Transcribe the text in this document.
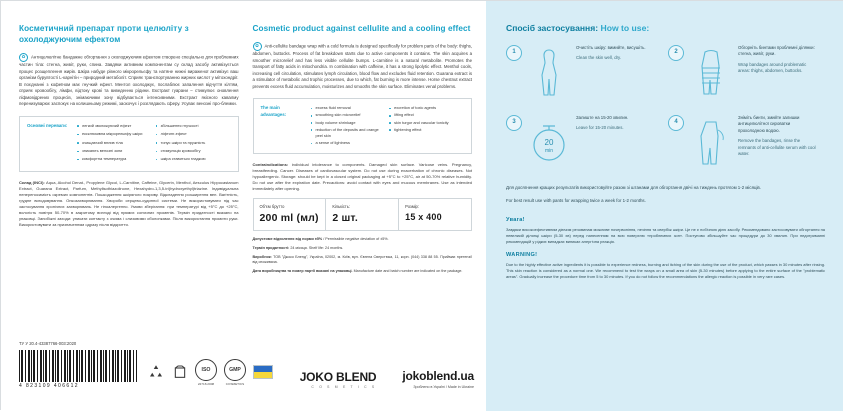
Косметичний препарат проти целюліту з охолоджуючим ефектом
✿ Антицелюлітне бандажне обгортання з охолоджуючим ефектом створено спеціально для проблемних частин тіла: стегна, живіт, руки, спина. Завдяки активним компонентам су склад засобу активізується процес розщеплення жирів. Шкіра набуде рівного мікрорельєфу та натяне нижні вираженої активізує ваш організм бурувтості L-карнітін – природний метаболіт. Сприяє транспортуванню жирних кислот у мітохондрії. В поєднанні з кофеїном має гнучкий ефект. Ментол охолоджує, послаблює запалення відчуття кілтям, сприяє кровообігу, лімфи, відтоку крові та виведенню рідини. Екстракт гуарани – стимулює оновлення ліфмовідрених процесів, знімаючими зону відбувається інтенсивними. Екстракт якісного кавалму перенизуварює заспокує на колишньому режимі, заохочує і розглядають сферу. Усуває венозні про-блемки.
Основні переваги:	легкий зволожуючий ефект	збільшення гнучкості
ексклюзивна мікрорельєфу шкіри	ліфтинг-ефект
очищаючий вплив тіла	тонус шкіри та пружність
зникають венозні зони	стимуляція кровообігу
комфортна температура	шкіра ставиться гладкою
Склад (INCI): Aqua, Alcohol Denat., Propylene Glycol, L-Carnitine, Caffeine, Glycerin, Menthol, Aesculus Hippocastanum Extract, Guarana Extract, Parfum, Methylisothiazolinone, Hexahydro-1,3,5-tri(hydroxyethyl)triazine. Індивідуальна непереносимість окремих компонентів. Пошкодження шкіряного покриву. Відкладення розширення вен. Вагітність, грудне вигодовування. Онкозахворювання. Хвороби серцево-судинної системи. Не використовувати під час застосування хронічних захворювань. Не гіпоалергенно. Умови зберігання: при температурі від +5°C до +25°C, вологість повітря 50-70% в закритому вигляді від прямих сонячних променів. Термін придатності вказано на упаковці. Запобіжні заходи: уникати контакту з очима і слизовими оболонками. Після використання промити руки. Використовувати за призначенням одразу після відкриття.
Cosmetic product against cellulite and a cooling effect
✿ Anti-cellulite bandage wrap with a cold formula is designed specifically for problem parts of the body: thighs, abdomen, buttocks. Process of fat breakdown starts due to active components it contains. The skin acquires a smoother microrelief and has less visible cellulite bumps. L-carnitine is a natural metabolite. Promotes the transport of fatty acids in mitochondria. In combination with caffeine, it has a strong lipolytic effect. Menthol cools, increasing cell circulation, stimulates lymph circulation, blood flow and excludes fluid retention. Guarana extract is a stimulator of metabolic and trophic processes, due to which, fat burning is more intense. Horse chestnut extract prevents excess fluid accumulation, moisturizes and smooths the skin surface. Eliminates venal problems.
The main advantages:
excess fluid removal	excretion of toxic agents
smoothing skin microrelief	lifting effect
body volume shrinkage	skin turgor and vascular tonicity
reduction of the deposits and orange peel skin
tightening effect
a sense of lightness
Contraindications: individual intolerance to components. Damaged skin surface. Varicose veins. Pregnancy, breastfeeding. Cancer. Diseases of cardiovascular system. Do not use during exacerbation of chronic diseases. Not hypoallergenic. Storage: should be kept in a closed original packaging at +5°C to +25°C, air at 50-70% relative humidity. Do not use after the expiration date. Precautions: avoid contact with eyes and mucous membranes. Use as intended immediately after opening.
Об'єм брутто
200 ml (мл)
Кількість:
2 шт.
Розмір:
15 х 400
Допустиме відхилення від норми ±5% / Permissible negative deviation of ±5%.
Термін придатності: 24 місяця. Shelf life: 24 months.
Виробник: ТОВ "Джоко Бленд", Україна, 02002, м. Київ, вул. Євгена Сверстюка, 11, корп. (044) 338 88 55. Приймає претензії від споживача.
Дата виробництва та номер партії вказані на упаковці. Manufacture date and batch number are indicated on the package.
ТУ У 20.4-43387766-003:2020
4 823109 406612
ISO
22716:2008
GMP
COSMETICS	JOKO BLEND
C O S M E T I C S
jokoblend.ua
Зроблено в Україні / Made in Ukraine
Спосіб застосування: How to use:
1
Очистіть шкіру: вимийте, висушіть.
Clean the skin well, dry.
2
Обгорніть бинтами проблемні ділянки: стегна, живіт, руки.
Wrap bandages around problematic areas: thighs, abdomen, buttocks.
3
20
min
Залиште на 15-20 хвилин.
Leave for 15-20 minutes.
4
Зніміть бинти, змийте залишки антицелюлітної сироватки прохолодною водою.
Remove the bandages, rinse the remnants of anti-cellulite serum with cool water.
Для досягнення кращих результатів використовуйте разом зі штанами для обгортання двічі на тиждень протягом 1-2 місяців.
For best result use with pants for wrapping twice a week for 1-2 months.
Увага!
Завдяки високоефективним діючим речовинам можливе почервоніння, печіння та свербіж шкіри. Це не є побічною дією засобу. Рекомендовано застосовувати обгортання на невеликій ділянці шкіри (5-30 хв) перед нанесенням на всю поверхню «проблемних зон». Поступово збільшуйте час процедури до 30 хвилин. При недотриманні рекомендацій у рідких випадках виникає алергічна реакція.
WARNING!
Due to the highly effective active ingredients it is possible to experience redness, burning and itching of the skin during the use of the product, which passes in 30 minutes after rinsing. This skin reaction is considered as a normal one. We recommend to test the wraps on a small area of skin (5-30 minutes) before applying to the entire surface of the "problematic areas". Gradually increase the procedure time from 5 to 30 minutes. If you do not follow the recommendations the allergic reaction is possible in very rare cases.
